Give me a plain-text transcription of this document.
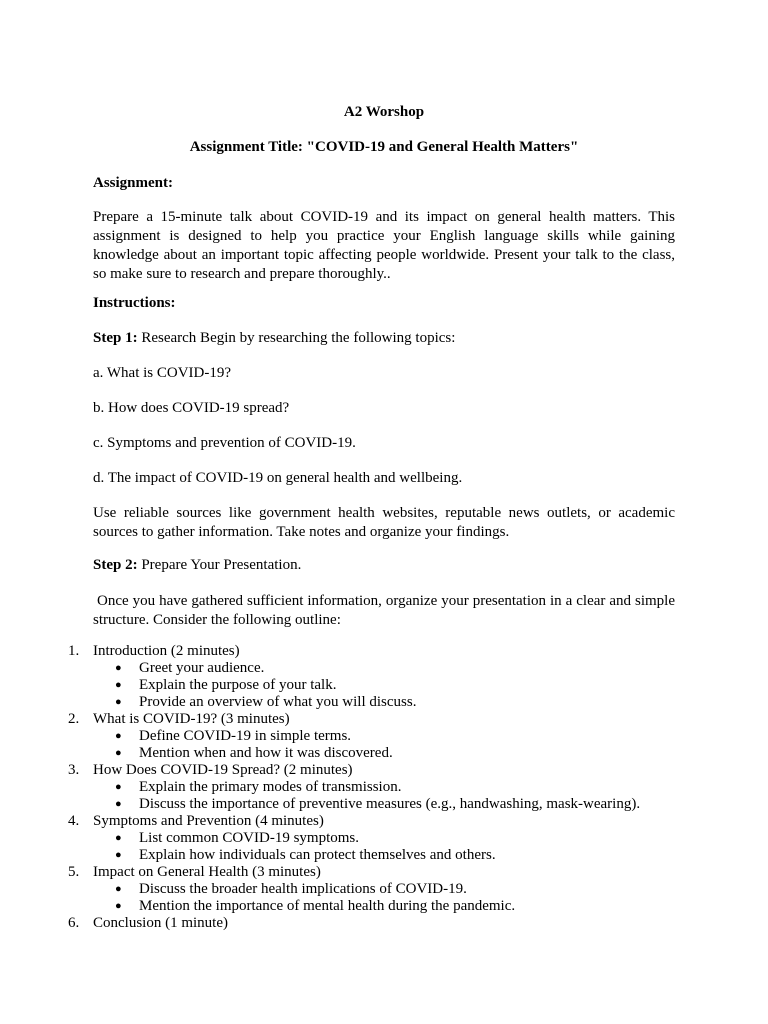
A2 Worshop
Assignment Title: "COVID-19 and General Health Matters"
Assignment:
Prepare a 15-minute talk about COVID-19 and its impact on general health matters. This assignment is designed to help you practice your English language skills while gaining knowledge about an important topic affecting people worldwide. Present your talk to the class, so make sure to research and prepare thoroughly..
Instructions:
Step 1: Research Begin by researching the following topics:
a. What is COVID-19?
b. How does COVID-19 spread?
c. Symptoms and prevention of COVID-19.
d. The impact of COVID-19 on general health and wellbeing.
Use reliable sources like government health websites, reputable news outlets, or academic sources to gather information. Take notes and organize your findings.
Step 2: Prepare Your Presentation.
Once you have gathered sufficient information, organize your presentation in a clear and simple structure. Consider the following outline:
1. Introduction (2 minutes)
● Greet your audience.
● Explain the purpose of your talk.
● Provide an overview of what you will discuss.
2. What is COVID-19? (3 minutes)
● Define COVID-19 in simple terms.
● Mention when and how it was discovered.
3. How Does COVID-19 Spread? (2 minutes)
● Explain the primary modes of transmission.
● Discuss the importance of preventive measures (e.g., handwashing, mask-wearing).
4. Symptoms and Prevention (4 minutes)
● List common COVID-19 symptoms.
● Explain how individuals can protect themselves and others.
5. Impact on General Health (3 minutes)
● Discuss the broader health implications of COVID-19.
● Mention the importance of mental health during the pandemic.
6. Conclusion (1 minute)
